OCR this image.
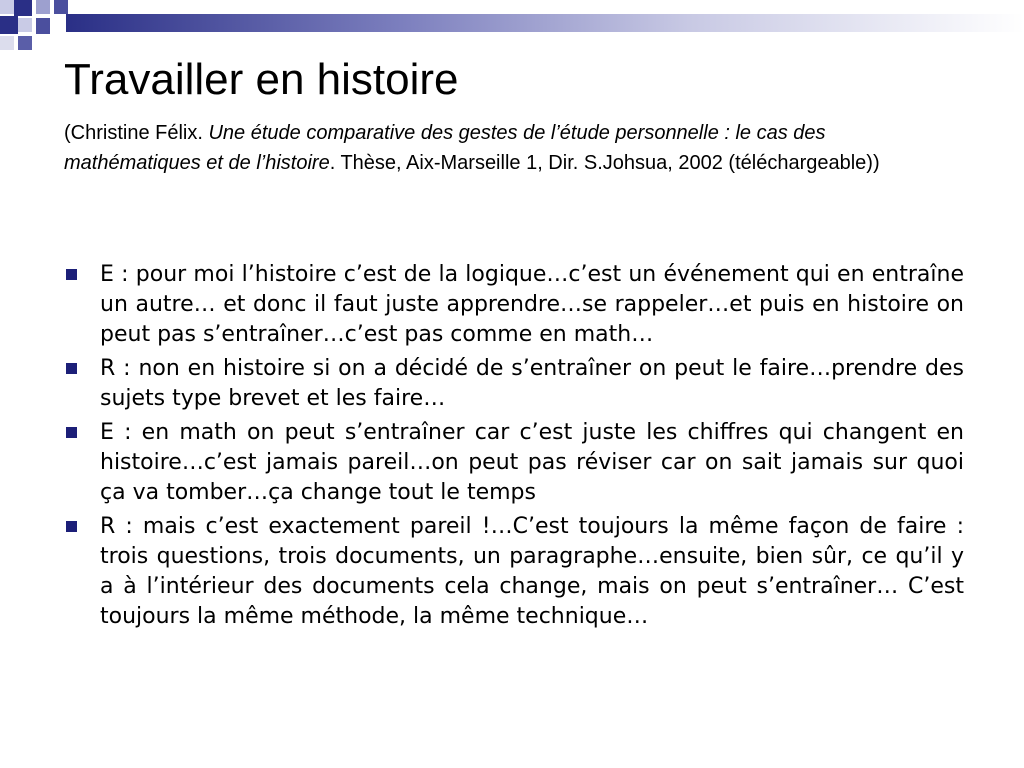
Travailler en histoire
(Christine Félix. Une étude comparative des gestes de l’étude personnelle : le cas des mathématiques et de l’histoire. Thèse, Aix-Marseille 1, Dir. S.Johsua, 2002 (téléchargeable))
E : pour moi l’histoire c’est de la logique…c’est un événement qui en entraîne un autre… et donc il faut juste apprendre…se rappeler…et puis en histoire on peut pas s’entraîner…c’est pas comme en math…
R : non en histoire si on a décidé de s’entraîner on peut le faire…prendre des sujets type brevet et les faire…
E : en math on peut s’entraîner car c’est juste les chiffres qui changent en histoire…c’est jamais pareil…on peut pas réviser car on sait jamais sur quoi ça va tomber…ça change tout le temps
R : mais c’est exactement pareil !…C’est toujours la même façon de faire : trois questions, trois documents, un paragraphe…ensuite, bien sûr, ce qu’il y a à l’intérieur des documents cela change, mais on peut s’entraîner… C’est toujours la même méthode, la même technique…
